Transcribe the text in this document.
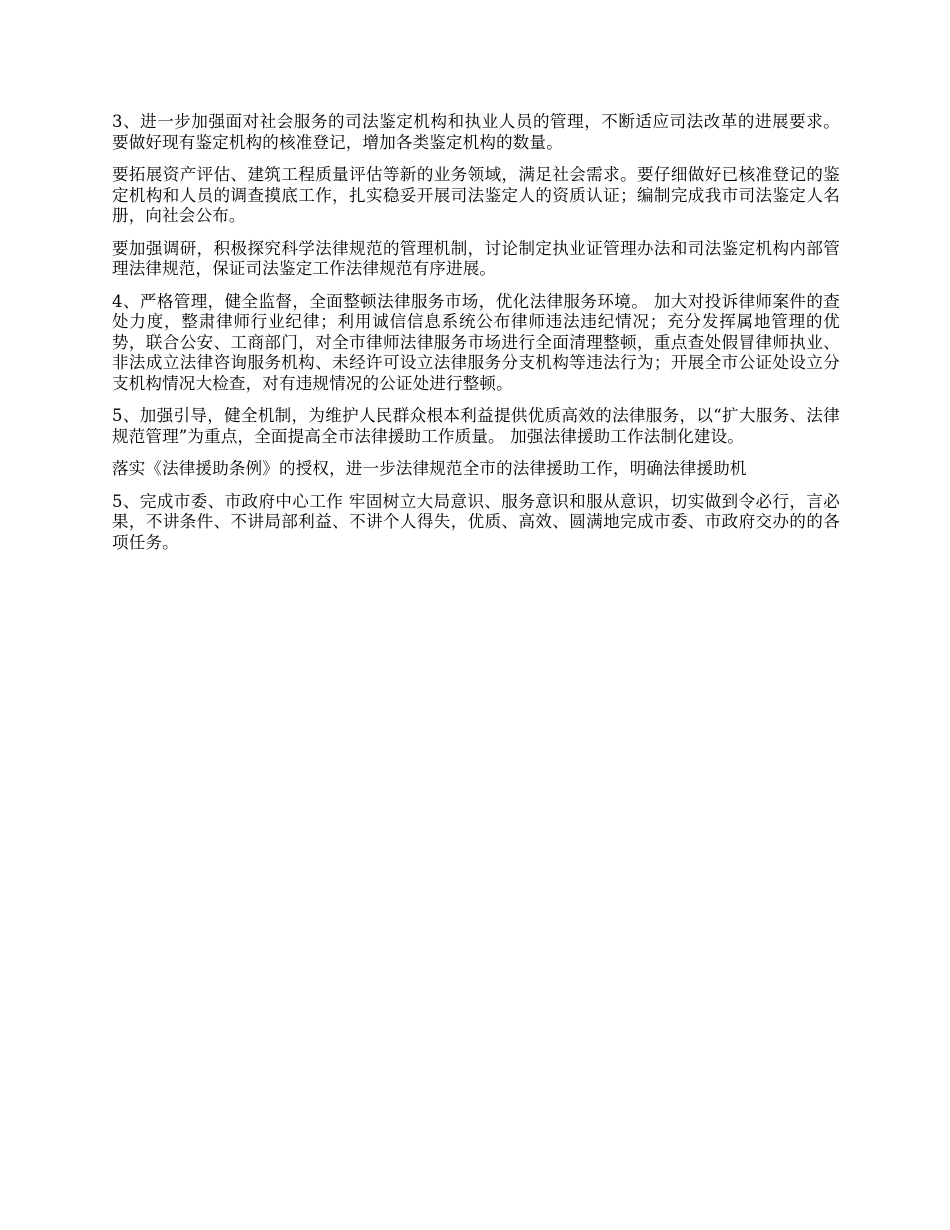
3、进一步加强面对社会服务的司法鉴定机构和执业人员的管理，不断适应司法改革的进展要求。 要做好现有鉴定机构的核准登记，增加各类鉴定机构的数量。

要拓展资产评估、建筑工程质量评估等新的业务领域，满足社会需求。要仔细做好已核准登记的鉴定机构和人员的调查摸底工作，扎实稳妥开展司法鉴定人的资质认证；编制完成我市司法鉴定人名册，向社会公布。

要加强调研，积极探究科学法律规范的管理机制，讨论制定执业证管理办法和司法鉴定机构内部管理法律规范，保证司法鉴定工作法律规范有序进展。

4、严格管理，健全监督，全面整顿法律服务市场，优化法律服务环境。 加大对投诉律师案件的查处力度，整肃律师行业纪律；利用诚信信息系统公布律师违法违纪情况；充分发挥属地管理的优势，联合公安、工商部门，对全市律师法律服务市场进行全面清理整顿，重点查处假冒律师执业、非法成立法律咨询服务机构、未经许可设立法律服务分支机构等违法行为；开展全市公证处设立分支机构情况大检查，对有违规情况的公证处进行整顿。

5、加强引导，健全机制，为维护人民群众根本利益提供优质高效的法律服务，以“扩大服务、法律规范管理”为重点，全面提高全市法律援助工作质量。 加强法律援助工作法制化建设。

落实《法律援助条例》的授权，进一步法律规范全市的法律援助工作，明确法律援助机

5、完成市委、市政府中心工作 牢固树立大局意识、服务意识和服从意识，切实做到令必行，言必果，不讲条件、不讲局部利益、不讲个人得失，优质、高效、圆满地完成市委、市政府交办的的各项任务。
